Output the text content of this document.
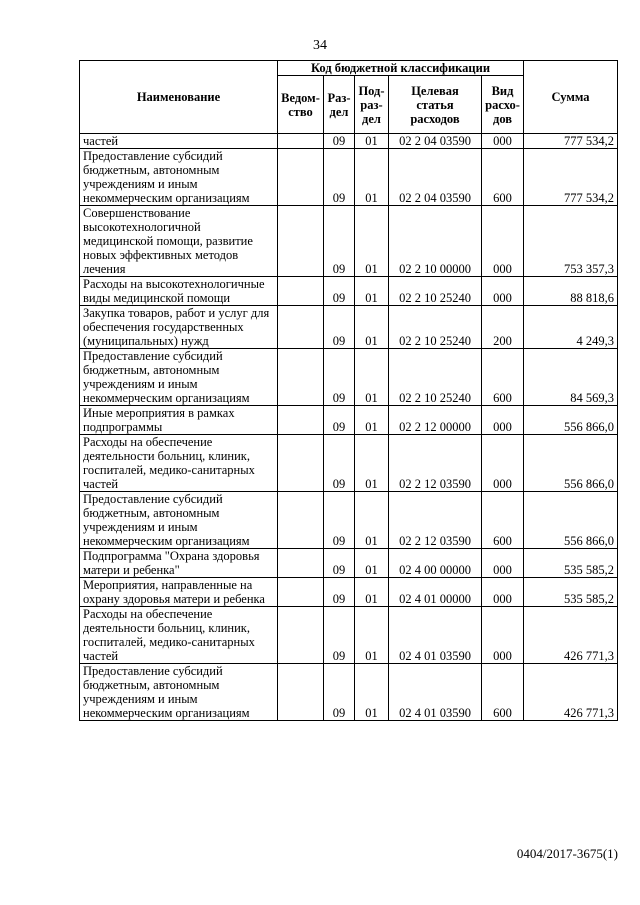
34
Наименование	Код бюджетной классификации					Сумма
	Ведом-ство	Раз-дел	Под-раз-дел	Целевая статья расходов	Вид расхо-дов	
частей		09	01	02 2 04 03590	000	777 534,2
Предоставление субсидий бюджетным, автономным учреждениям и иным некоммерческим организациям		09	01	02 2 04 03590	600	777 534,2
Совершенствование высокотехнологичной медицинской помощи, развитие новых эффективных методов лечения		09	01	02 2 10 00000	000	753 357,3
Расходы на высокотехнологичные виды медицинской помощи		09	01	02 2 10 25240	000	88 818,6
Закупка товаров, работ и услуг для обеспечения государственных (муниципальных) нужд		09	01	02 2 10 25240	200	4 249,3
Предоставление субсидий бюджетным, автономным учреждениям и иным некоммерческим организациям		09	01	02 2 10 25240	600	84 569,3
Иные мероприятия в рамках подпрограммы		09	01	02 2 12 00000	000	556 866,0
Расходы на обеспечение деятельности больниц, клиник, госпиталей, медико-санитарных частей		09	01	02 2 12 03590	000	556 866,0
Предоставление субсидий бюджетным, автономным учреждениям и иным некоммерческим организациям		09	01	02 2 12 03590	600	556 866,0
Подпрограмма "Охрана здоровья матери и ребенка"		09	01	02 4 00 00000	000	535 585,2
Мероприятия, направленные на охрану здоровья матери и ребенка		09	01	02 4 01 00000	000	535 585,2
Расходы на обеспечение деятельности больниц, клиник, госпиталей, медико-санитарных частей		09	01	02 4 01 03590	000	426 771,3
Предоставление субсидий бюджетным, автономным учреждениям и иным некоммерческим организациям		09	01	02 4 01 03590	600	426 771,3
0404/2017-3675(1)
